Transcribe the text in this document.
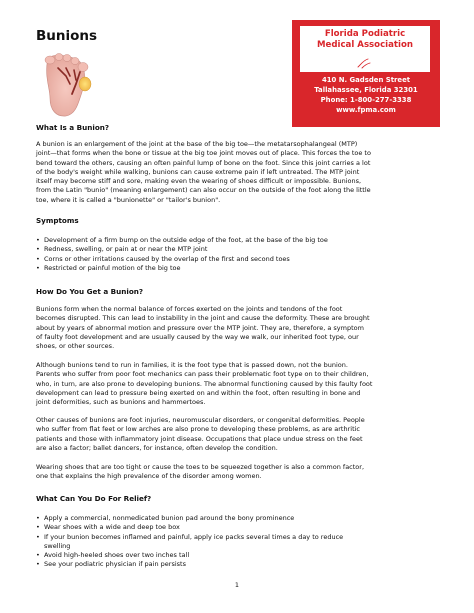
Bunions	Florida Podiatric
Medical Association
410 N. Gadsden Street
Tallahassee, Florida 32301
Phone: 1-800-277-3338
www.fpma.com
What Is a Bunion?
A bunion is an enlargement of the joint at the base of the big toe—the metatarsophalangeal (MTP)
joint—that forms when the bone or tissue at the big toe joint moves out of place. This forces the toe to
bend toward the others, causing an often painful lump of bone on the foot. Since this joint carries a lot
of the body's weight while walking, bunions can cause extreme pain if left untreated. The MTP joint
itself may become stiff and sore, making even the wearing of shoes difficult or impossible. Bunions,
from the Latin "bunio" (meaning enlargement) can also occur on the outside of the foot along the little
toe, where it is called a "bunionette" or "tailor's bunion".
Symptoms
• Development of a firm bump on the outside edge of the foot, at the base of the big toe
• Redness, swelling, or pain at or near the MTP joint
• Corns or other irritations caused by the overlap of the first and second toes
• Restricted or painful motion of the big toe
How Do You Get a Bunion?
Bunions form when the normal balance of forces exerted on the joints and tendons of the foot
becomes disrupted. This can lead to instability in the joint and cause the deformity. These are brought
about by years of abnormal motion and pressure over the MTP joint. They are, therefore, a symptom
of faulty foot development and are usually caused by the way we walk, our inherited foot type, our
shoes, or other sources.
Although bunions tend to run in families, it is the foot type that is passed down, not the bunion.
Parents who suffer from poor foot mechanics can pass their problematic foot type on to their children,
who, in turn, are also prone to developing bunions. The abnormal functioning caused by this faulty foot
development can lead to pressure being exerted on and within the foot, often resulting in bone and
joint deformities, such as bunions and hammertoes.
Other causes of bunions are foot injuries, neuromuscular disorders, or congenital deformities. People
who suffer from flat feet or low arches are also prone to developing these problems, as are arthritic
patients and those with inflammatory joint disease. Occupations that place undue stress on the feet
are also a factor; ballet dancers, for instance, often develop the condition.
Wearing shoes that are too tight or cause the toes to be squeezed together is also a common factor,
one that explains the high prevalence of the disorder among women.
What Can You Do For Relief?
• Apply a commercial, nonmedicated bunion pad around the bony prominence
• Wear shoes with a wide and deep toe box
• If your bunion becomes inflamed and painful, apply ice packs several times a day to reduce
swelling
• Avoid high-heeled shoes over two inches tall
• See your podiatric physician if pain persists
1
